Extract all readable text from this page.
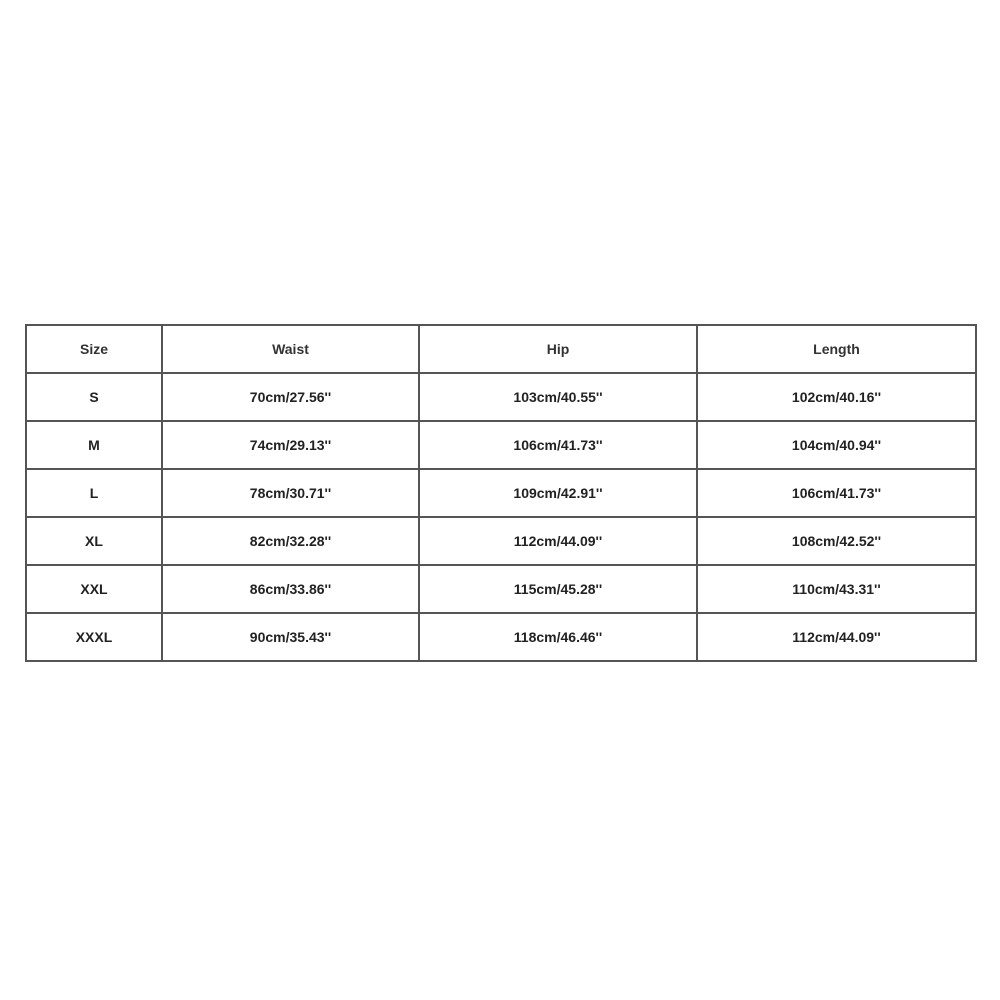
Size	Waist	Hip	Length
S	70cm/27.56''	103cm/40.55''	102cm/40.16''
M	74cm/29.13''	106cm/41.73''	104cm/40.94''
L	78cm/30.71''	109cm/42.91''	106cm/41.73''
XL	82cm/32.28''	112cm/44.09''	108cm/42.52''
XXL	86cm/33.86''	115cm/45.28''	110cm/43.31''
XXXL	90cm/35.43''	118cm/46.46''	112cm/44.09''
